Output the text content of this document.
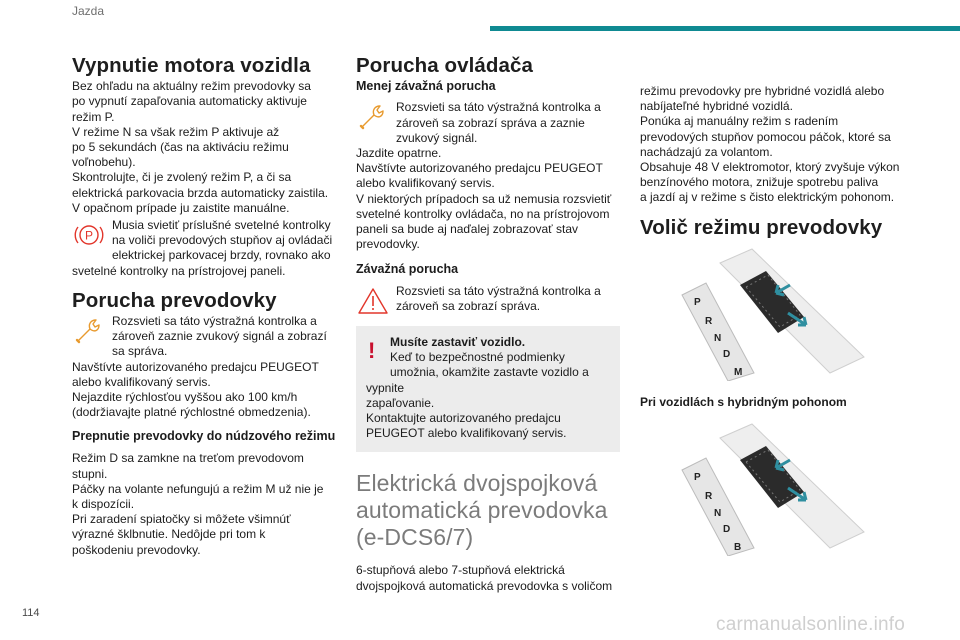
Jazda
Vypnutie motora vozidla

Bez ohľadu na aktuálny režim prevodovky sa

po vypnutí zapaľovania automaticky aktivuje

režim P.

V režime N sa však režim P aktivuje až

po 5 sekundách (čas na aktiváciu režimu

voľnobehu).

Skontrolujte, či je zvolený režim P, a či sa

elektrická parkovacia brzda automaticky zaistila.

V opačnom prípade ju zaistite manuálne.

P

Musia svietiť príslušné svetelné kontrolky

na voliči prevodových stupňov aj ovládači

elektrickej parkovacej brzdy, rovnako ako

svetelné kontrolky na prístrojovej paneli.

Porucha prevodovky

Rozsvieti sa táto výstražná kontrolka a

zároveň zaznie zvukový signál a zobrazí

sa správa.

Navštívte autorizovaného predajcu PEUGEOT

alebo kvalifikovaný servis.

Nejazdite rýchlosťou vyššou ako 100 km/h

(dodržiavajte platné rýchlostné obmedzenia).

Prepnutie prevodovky do núdzového režimu

Režim D sa zamkne na treťom prevodovom

stupni.

Páčky na volante nefungujú a režim M už nie je

k dispozícii.

Pri zaradení spiatočky si môžete všimnúť

výrazné šklbnutie. Nedôjde pri tom k

poškodeniu prevodovky.

Porucha ovládača
Menej závažná porucha

Rozsvieti sa táto výstražná kontrolka a

zároveň sa zobrazí správa a zaznie

zvukový signál.

Jazdite opatrne.

Navštívte autorizovaného predajcu PEUGEOT

alebo kvalifikovaný servis.

V niektorých prípadoch sa už nemusia rozsvietiť

svetelné kontrolky ovládača, no na prístrojovom

paneli sa bude aj naďalej zobrazovať stav

prevodovky.

Závažná porucha

Rozsvieti sa táto výstražná kontrolka a

zároveň sa zobrazí správa.

!	Musíte zastaviť vozidlo.

Keď to bezpečnostné podmienky

umožnia, okamžite zastavte vozidlo a vypnite

zapaľovanie.

Kontaktujte autorizovaného predajcu

PEUGEOT alebo kvalifikovaný servis.

Elektrická dvojspojková automatická prevodovka (e-DCS6/7)

6-stupňová alebo 7-stupňová elektrická

dvojspojková automatická prevodovka s voličom

režimu prevodovky pre hybridné vozidlá alebo

nabíjateľné hybridné vozidlá.

Ponúka aj manuálny režim s radením

prevodových stupňov pomocou páčok, ktoré sa

nachádzajú za volantom.

Obsahuje 48 V elektromotor, ktorý zvyšuje výkon

benzínového motora, znižuje spotrebu paliva

a jazdí aj v režime s čisto elektrickým pohonom.

Volič režimu prevodovky
P
R
N
D
M

Pri vozidlách s hybridným pohonom

P
R
N
D
B
114
carmanualsonline.info
